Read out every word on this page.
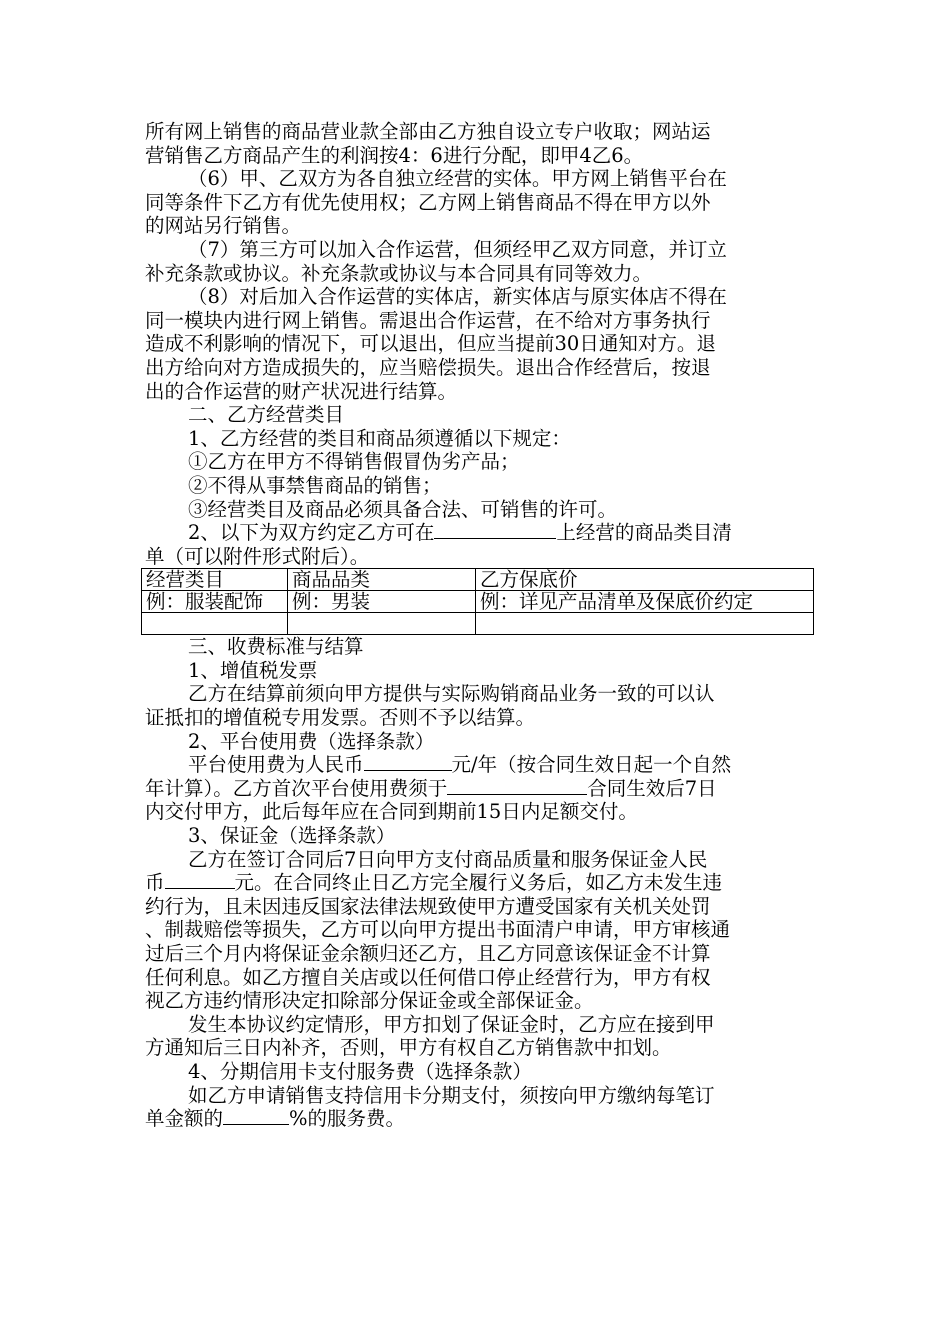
所有网上销售的商品营业款全部由乙方独自设立专户收取；网站运
营销售乙方商品产生的利润按4：6进行分配，即甲4乙6。
（6）甲、乙双方为各自独立经营的实体。甲方网上销售平台在
同等条件下乙方有优先使用权；乙方网上销售商品不得在甲方以外
的网站另行销售。
（7）第三方可以加入合作运营，但须经甲乙双方同意，并订立
补充条款或协议。补充条款或协议与本合同具有同等效力。
（8）对后加入合作运营的实体店，新实体店与原实体店不得在
同一模块内进行网上销售。需退出合作运营，在不给对方事务执行
造成不利影响的情况下，可以退出，但应当提前30日通知对方。退
出方给向对方造成损失的，应当赔偿损失。退出合作经营后，按退
出的合作运营的财产状况进行结算。
二、乙方经营类目
1、乙方经营的类目和商品须遵循以下规定：
①乙方在甲方不得销售假冒伪劣产品；
②不得从事禁售商品的销售；
③经营类目及商品必须具备合法、可销售的许可。
2、以下为双方约定乙方可在	上经营的商品类目清
单（可以附件形式附后）。
经营类目	商品品类	乙方保底价
例：服装配饰	例：男装	例：详见产品清单及保底价约定

三、收费标准与结算
1、增值税发票
乙方在结算前须向甲方提供与实际购销商品业务一致的可以认
证抵扣的增值税专用发票。否则不予以结算。
2、平台使用费（选择条款）
平台使用费为人民币	元/年（按合同生效日起一个自然
年计算）。乙方首次平台使用费须于	合同生效后7日
内交付甲方，此后每年应在合同到期前15日内足额交付。
3、保证金（选择条款）
乙方在签订合同后7日向甲方支付商品质量和服务保证金人民
币	元。在合同终止日乙方完全履行义务后，如乙方未发生违
约行为，且未因违反国家法律法规致使甲方遭受国家有关机关处罚
、制裁赔偿等损失，乙方可以向甲方提出书面清户申请，甲方审核通
过后三个月内将保证金余额归还乙方，且乙方同意该保证金不计算
任何利息。如乙方擅自关店或以任何借口停止经营行为，甲方有权
视乙方违约情形决定扣除部分保证金或全部保证金。
发生本协议约定情形，甲方扣划了保证金时，乙方应在接到甲
方通知后三日内补齐，否则，甲方有权自乙方销售款中扣划。
4、分期信用卡支付服务费（选择条款）
如乙方申请销售支持信用卡分期支付，须按向甲方缴纳每笔订
单金额的	%的服务费。
